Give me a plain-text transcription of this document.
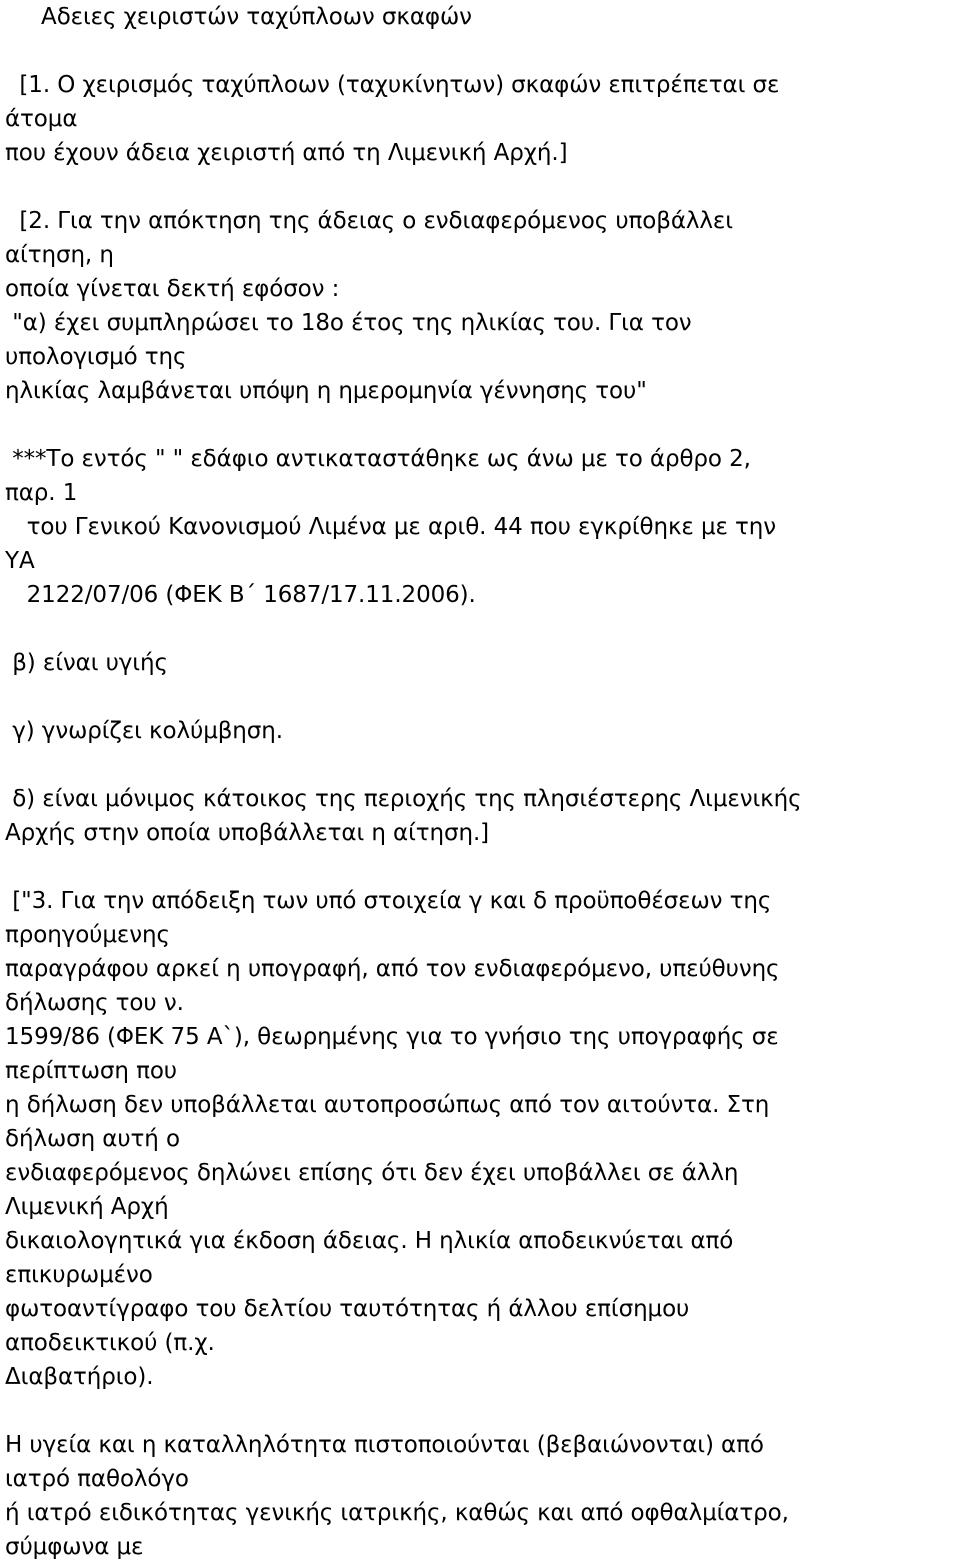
Αδειες χειριστών ταχύπλοων σκαφών
[1. Ο χειρισμός ταχύπλοων (ταχυκίνητων) σκαφών επιτρέπεται σε
άτομα
που έχουν άδεια χειριστή από τη Λιμενική Αρχή.]
[2. Για την απόκτηση της άδειας ο ενδιαφερόμενος υποβάλλει
αίτηση, η
οποία γίνεται δεκτή εφόσον :
"α) έχει συμπληρώσει το 18ο έτος της ηλικίας του. Για τον
υπολογισμό της
ηλικίας λαμβάνεται υπόψη η ημερομηνία γέννησης του"
***Το εντός " " εδάφιο αντικαταστάθηκε ως άνω με το άρθρο 2,
παρ. 1
του Γενικού Κανονισμού Λιμένα με αριθ. 44 που εγκρίθηκε με την
ΥΑ
2122/07/06 (ΦΕΚ Β΄ 1687/17.11.2006).
β) είναι υγιής
γ) γνωρίζει κολύμβηση.
δ) είναι μόνιμος κάτοικος της περιοχής της πλησιέστερης Λιμενικής
Αρχής στην οποία υποβάλλεται η αίτηση.]
["3. Για την απόδειξη των υπό στοιχεία γ και δ προϋποθέσεων της
προηγούμενης
παραγράφου αρκεί η υπογραφή, από τον ενδιαφερόμενο, υπεύθυνης
δήλωσης του ν.
1599/86 (ΦΕΚ 75 Α`), θεωρημένης για το γνήσιο της υπογραφής σε
περίπτωση που
η δήλωση δεν υποβάλλεται αυτοπροσώπως από τον αιτούντα. Στη
δήλωση αυτή ο
ενδιαφερόμενος δηλώνει επίσης ότι δεν έχει υποβάλλει σε άλλη
Λιμενική Αρχή
δικαιολογητικά για έκδοση άδειας. Η ηλικία αποδεικνύεται από
επικυρωμένο
φωτοαντίγραφο του δελτίου ταυτότητας ή άλλου επίσημου
αποδεικτικού (π.χ.
Διαβατήριο).
Η υγεία και η καταλληλότητα πιστοποιούνται (βεβαιώνονται) από
ιατρό παθολόγο
ή ιατρό ειδικότητας γενικής ιατρικής, καθώς και από οφθαλμίατρο,
σύμφωνα με
